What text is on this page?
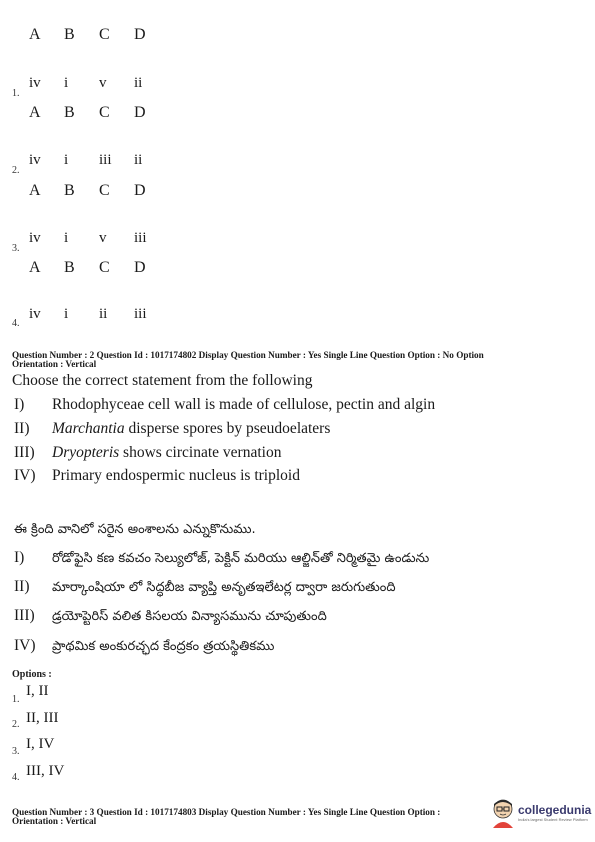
A B C D
iv i v ii
1.
A B C D
iv i iii ii
2.
A B C D
iv i v iii
3.
A B C D
iv i ii iii
4.
Question Number : 2 Question Id : 1017174802 Display Question Number : Yes Single Line Question Option : No Option
Orientation : Vertical
Choose the correct statement from the following
I) Rhodophyceae cell wall is made of cellulose, pectin and algin
II) Marchantia disperse spores by pseudoelaters
III) Dryopteris shows circinate vernation
IV) Primary endospermic nucleus is triploid
ఈ క్రింది వానిలో సరైన అంశాలను ఎన్నుకొనుము.
I) రోడోఫైసి కణ కవచం సెల్యులోజ్, పెక్టిన్ మరియు ఆల్జిన్‌తో నిర్మితమై ఉండును
II) మార్కాంషియా లో సిద్ధబీజ వ్యాప్తి అనృతఇలేటర్ల ద్వారా జరుగుతుంది
III) డ్రయోప్టెరిస్ వలిత కిసలయ విన్యాసమును చూపుతుంది
IV) ప్రాథమిక అంకురచ్ఛద కేంద్రకం త్రయస్థితికము
Options :
1.
I, II
2. II, III
3. I, IV
4. III, IV
Question Number : 3 Question Id : 1017174803 Display Question Number : Yes Single Line Question Option :
Orientation : Vertical
collegedunia
India's largest Student Review Platform
